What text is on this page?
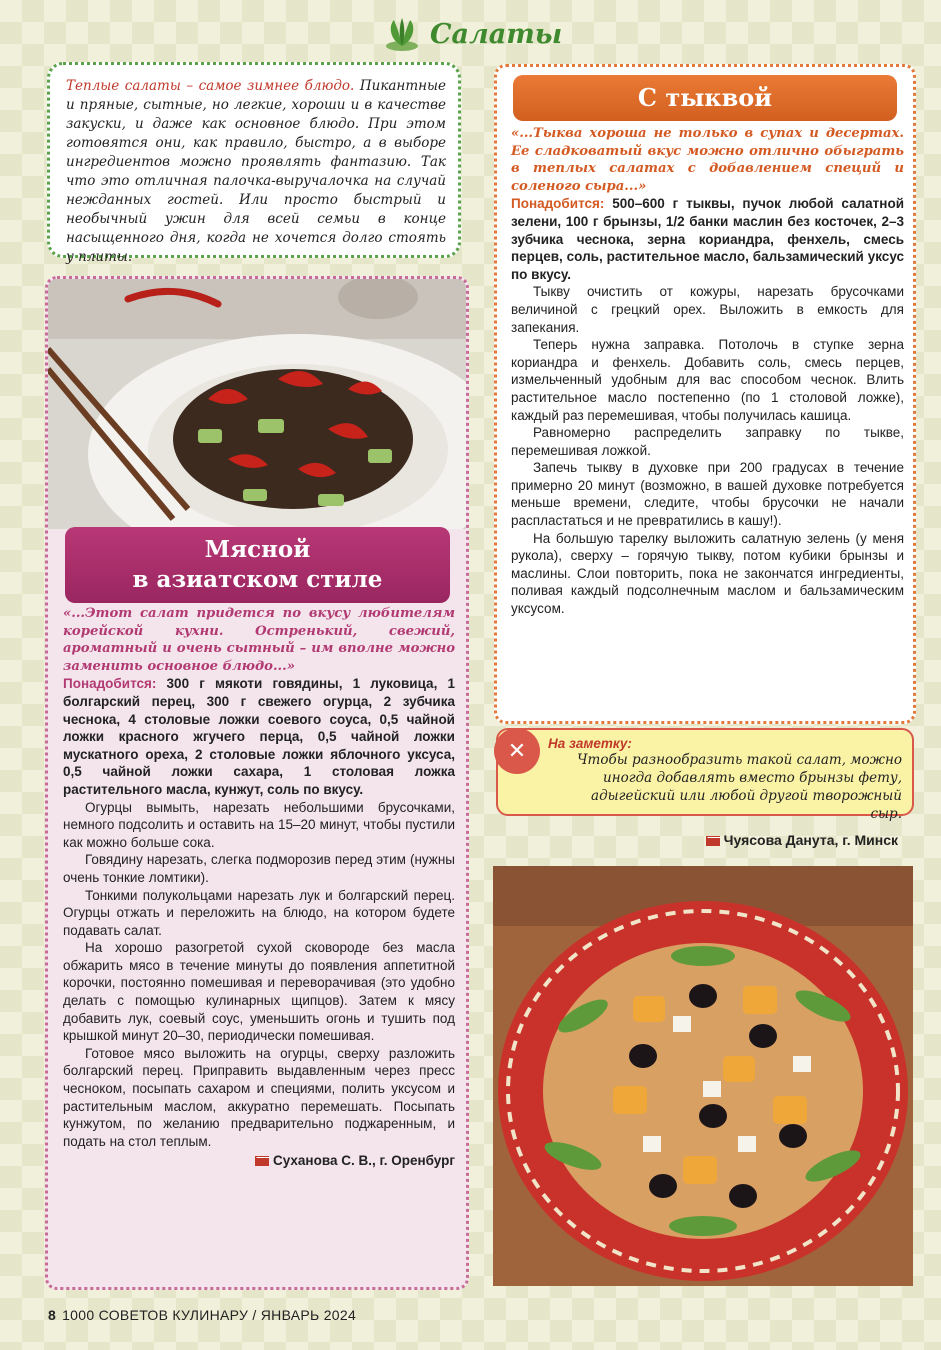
Салаты
Теплые салаты – самое зимнее блюдо. Пикантные и пряные, сытные, но легкие, хороши и в качестве закуски, и даже как основное блюдо. При этом готовятся они, как правило, быстро, а в выборе ингредиентов можно проявлять фантазию. Так что это отличная палочка-выручалочка на случай нежданных гостей. Или просто быстрый и необычный ужин для всей семьи в конце насыщенного дня, когда не хочется долго стоять у плиты.
Мясной
в азиатском стиле
«...Этот салат придется по вкусу любителям корейской кухни. Остренький, свежий, ароматный и очень сытный – им вполне можно заменить основное блюдо...»
Понадобится: 300 г мякоти говядины, 1 луковица, 1 болгарский перец, 300 г свежего огурца, 2 зубчика чеснока, 4 столовые ложки соевого соуса, 0,5 чайной ложки красного жгучего перца, 0,5 чайной ложки мускатного ореха, 2 столовые ложки яблочного уксуса, 0,5 чайной ложки сахара, 1 столовая ложка растительного масла, кунжут, соль по вкусу.

Огурцы вымыть, нарезать небольшими брусочками, немного подсолить и оставить на 15–20 минут, чтобы пустили как можно больше сока.

Говядину нарезать, слегка подморозив перед этим (нужны очень тонкие ломтики).

Тонкими полукольцами нарезать лук и болгарский перец. Огурцы отжать и переложить на блюдо, на котором будете подавать салат.

На хорошо разогретой сухой сковороде без масла обжарить мясо в течение минуты до появления аппетитной корочки, постоянно помешивая и переворачивая (это удобно делать с помощью кулинарных щипцов). Затем к мясу добавить лук, соевый соус, уменьшить огонь и тушить под крышкой минут 20–30, периодически помешивая.

Готовое мясо выложить на огурцы, сверху разложить болгарский перец. Приправить выдавленным через пресс чесноком, посыпать сахаром и специями, полить уксусом и растительным маслом, аккуратно перемешать. Посыпать кунжутом, по желанию предварительно поджаренным, и подать на стол теплым.

Суханова С. В., г. Оренбург
С тыквой
«...Тыква хороша не только в супах и десертах. Ее сладковатый вкус можно отлично обыграть в теплых салатах с добавлением специй и соленого сыра...»
Понадобится: 500–600 г тыквы, пучок любой салатной зелени, 100 г брынзы, 1/2 банки маслин без косточек, 2–3 зубчика чеснока, зерна кориандра, фенхель, смесь перцев, соль, растительное масло, бальзамический уксус по вкусу.

Тыкву очистить от кожуры, нарезать брусочками величиной с грецкий орех. Выложить в емкость для запекания.

Теперь нужна заправка. Потолочь в ступке зерна кориандра и фенхель. Добавить соль, смесь перцев, измельченный удобным для вас способом чеснок. Влить растительное масло постепенно (по 1 столовой ложке), каждый раз перемешивая, чтобы получилась кашица.

Равномерно распределить заправку по тыкве, перемешивая ложкой.

Запечь тыкву в духовке при 200 градусах в течение примерно 20 минут (возможно, в вашей духовке потребуется меньше времени, следите, чтобы брусочки не начали распластаться и не превратились в кашу!).

На большую тарелку выложить салатную зелень (у меня рукола), сверху – горячую тыкву, потом кубики брынзы и маслины. Слои повторить, пока не закончатся ингредиенты, поливая каждый подсолнечным маслом и бальзамическим уксусом.

✕	На заметку:
Чтобы разнообразить такой салат, можно иногда добавлять вместо брынзы фету, адыгейский или любой другой творожный сыр.
Чуясова Данута, г. Минск
8 1000 СОВЕТОВ КУЛИНАРУ / ЯНВАРЬ 2024
